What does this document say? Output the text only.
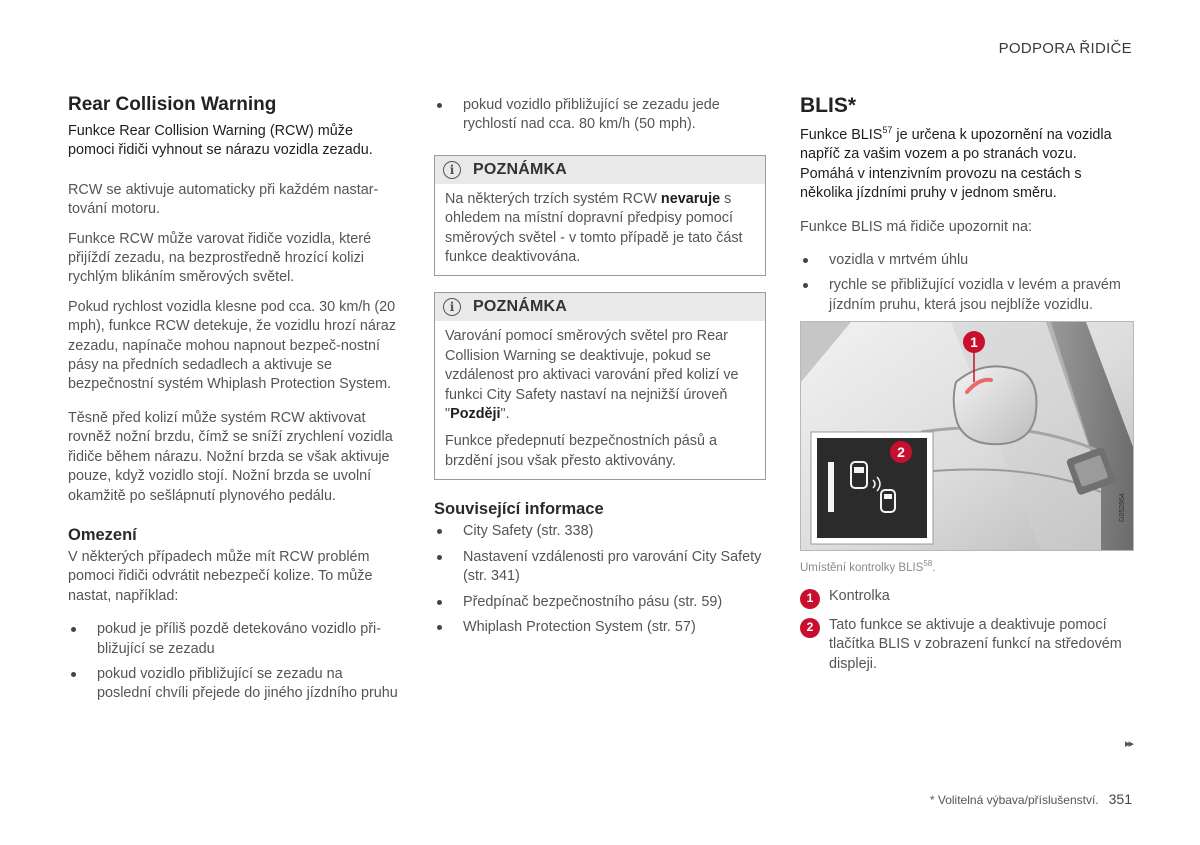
PODPORA ŘIDIČE
Rear Collision Warning

Funkce Rear Collision Warning (RCW) může pomoci řidiči vyhnout se nárazu vozidla zezadu.

RCW se aktivuje automaticky při každém nastar-tování motoru.

Funkce RCW může varovat řidiče vozidla, které přijíždí zezadu, na bezprostředně hrozící kolizi rychlým blikáním směrových světel.

Pokud rychlost vozidla klesne pod cca. 30 km/h (20 mph), funkce RCW detekuje, že vozidlu hrozí náraz zezadu, napínače mohou napnout bezpeč-nostní pásy na předních sedadlech a aktivuje se bezpečnostní systém Whiplash Protection System.

Těsně před kolizí může systém RCW aktivovat rovněž nožní brzdu, čímž se sníží zrychlení vozidla řidiče během nárazu. Nožní brzda se však aktivuje pouze, když vozidlo stojí. Nožní brzda se uvolní okamžitě po sešlápnutí plynového pedálu.

Omezení

V některých případech může mít RCW problém pomoci řidiči odvrátit nebezpečí kolize. To může nastat, například:

pokud je příliš pozdě detekováno vozidlo při-bližující se zezadu
pokud vozidlo přibližující se zezadu na poslední chvíli přejede do jiného jízdního pruhu
pokud vozidlo přibližující se zezadu jede rychlostí nad cca. 80 km/h (50 mph).
i	POZNÁMKA

Na některých trzích systém RCW nevaruje s ohledem na místní dopravní předpisy pomocí směrových světel - v tomto případě je tato část funkce deaktivována.

i	POZNÁMKA

Varování pomocí směrových světel pro Rear Collision Warning se deaktivuje, pokud se vzdálenost pro aktivaci varování před kolizí ve funkci City Safety nastaví na nejnižší úroveň "Později".

Funkce předepnutí bezpečnostních pásů a brzdění jsou však přesto aktivovány.

Související informace
City Safety (str. 338)
Nastavení vzdálenosti pro varování City Safety (str. 341)
Předpínač bezpečnostního pásu (str. 59)
Whiplash Protection System (str. 57)
BLIS*

Funkce BLIS$^{57}$ je určena k upozornění na vozidla napříč za vašim vozem a po stranách vozu. Pomáhá v intenzivním provozu na cestách s několika jízdními pruhy v jednom směru.

Funkce BLIS má řidiče upozornit na:

vozidla v mrtvém úhlu
rychle se přibližující vozidla v levém a pravém jízdním pruhu, která jsou nejblíže vozidlu.
1
2
G052864

Umístění kontrolky BLIS$^{58}$.

1	Kontrolka
2	Tato funkce se aktivuje a deaktivuje pomocí tlačítka BLIS v zobrazení funkcí na středovém displeji.
▸▸
* Volitelná výbava/příslušenství. 351
